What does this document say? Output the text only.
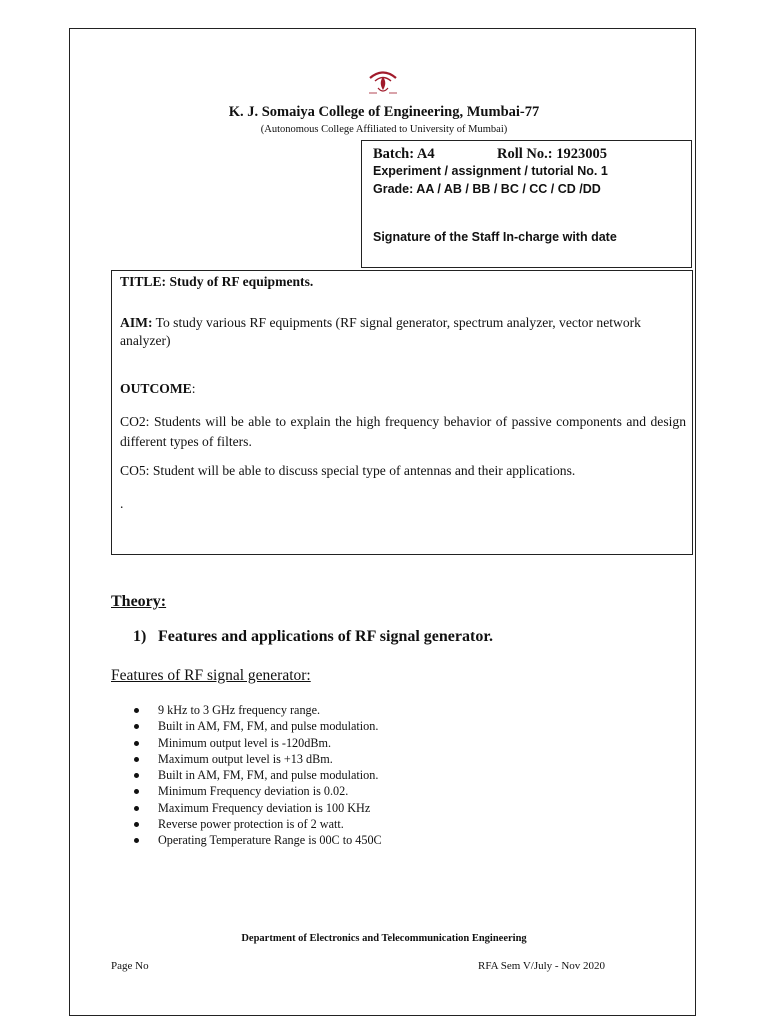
K. J. Somaiya College of Engineering, Mumbai-77
(Autonomous College Affiliated to University of Mumbai)
Batch: A4	Roll No.: 1923005
Experiment / assignment / tutorial No. 1
Grade: AA / AB / BB / BC / CC / CD /DD
Signature of the Staff In-charge with date
TITLE: Study of RF equipments.
AIM: To study various RF equipments (RF signal generator, spectrum analyzer, vector network analyzer)
OUTCOME:
CO2: Students will be able to explain the high frequency behavior of passive components and design different types of filters.
CO5: Student will be able to discuss special type of antennas and their applications.
.
Theory:
1) Features and applications of RF signal generator.
Features of RF signal generator:
9 kHz to 3 GHz frequency range.
Built in AM, FM, FM, and pulse modulation.
Minimum output level is -120dBm.
Maximum output level is +13 dBm.
Built in AM, FM, FM, and pulse modulation.
Minimum Frequency deviation is 0.02.
Maximum Frequency deviation is 100 KHz
Reverse power protection is of 2 watt.
Operating Temperature Range is 00C to 450C
Department of Electronics and Telecommunication Engineering
Page No	RFA Sem V/July - Nov 2020
